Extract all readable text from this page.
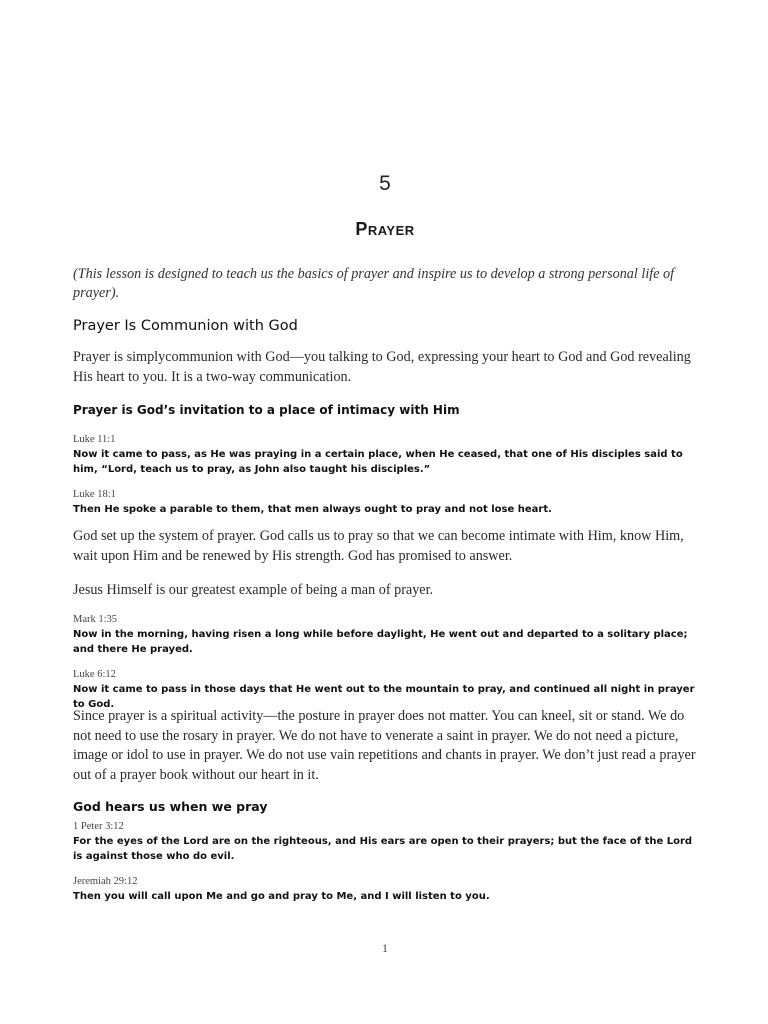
5
Prayer
(This lesson is designed to teach us the basics of prayer and inspire us to develop a strong personal life of prayer).
Prayer Is Communion with God
Prayer is simplycommunion with God—you talking to God, expressing your heart to God and God revealing His heart to you. It is a two-way communication.
Prayer is God’s invitation to a place of intimacy with Him
Luke 11:1
Now it came to pass, as He was praying in a certain place, when He ceased, that one of His disciples said to him, “Lord, teach us to pray, as John also taught his disciples.”
Luke 18:1
Then He spoke a parable to them, that men always ought to pray and not lose heart.
God set up the system of prayer. God calls us to pray so that we can become intimate with Him, know Him, wait upon Him and be renewed by His strength. God has promised to answer.
Jesus Himself is our greatest example of being a man of prayer.
Mark 1:35
Now in the morning, having risen a long while before daylight, He went out and departed to a solitary place; and there He prayed.
Luke 6:12
Now it came to pass in those days that He went out to the mountain to pray, and continued all night in prayer to God.
Since prayer is a spiritual activity—the posture in prayer does not matter. You can kneel, sit or stand. We do not need to use the rosary in prayer. We do not have to venerate a saint in prayer. We do not need a picture, image or idol to use in prayer. We do not use vain repetitions and chants in prayer. We don’t just read a prayer out of a prayer book without our heart in it.
God hears us when we pray
1 Peter 3:12
For the eyes of the Lord are on the righteous, and His ears are open to their prayers; but the face of the Lord is against those who do evil.
Jeremiah 29:12
Then you will call upon Me and go and pray to Me, and I will listen to you.
1
